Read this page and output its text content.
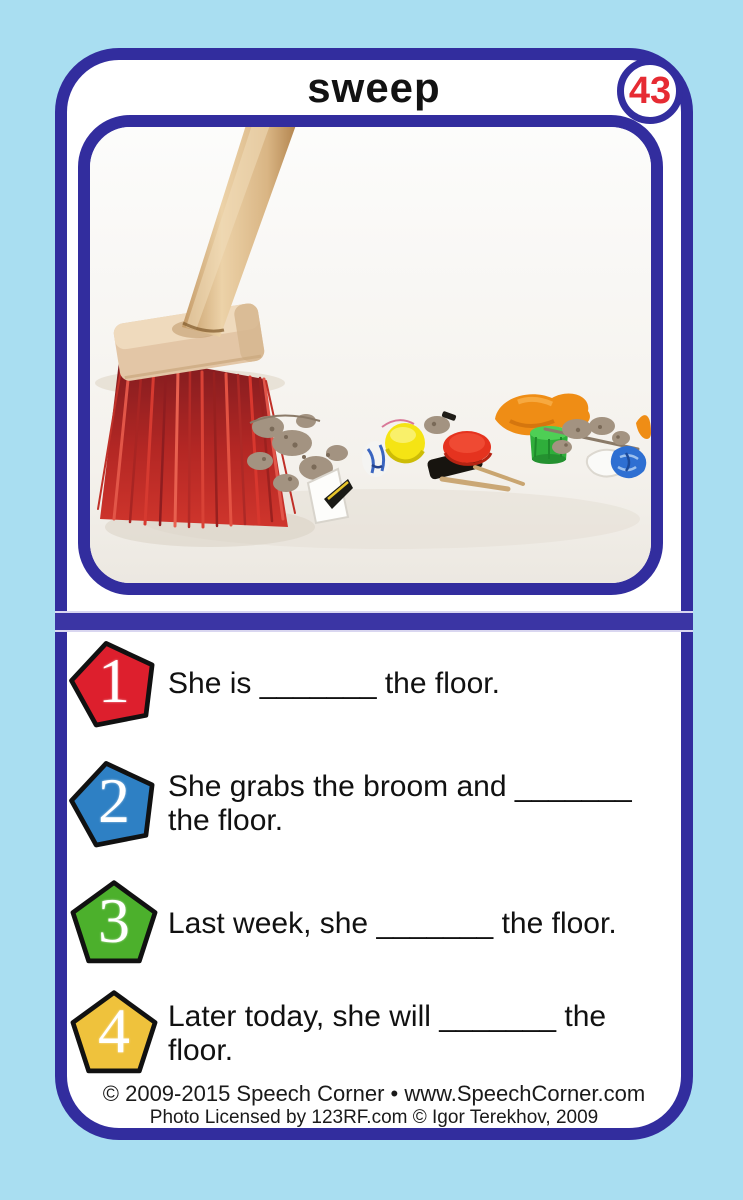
sweep	43
1	She is _______ the floor.
2	She grabs the broom and _______ the floor.
3	Last week, she _______ the floor.
4	Later today, she will _______ the floor.
© 2009-2015 Speech Corner • www.SpeechCorner.com
Photo Licensed by 123RF.com © Igor Terekhov, 2009
